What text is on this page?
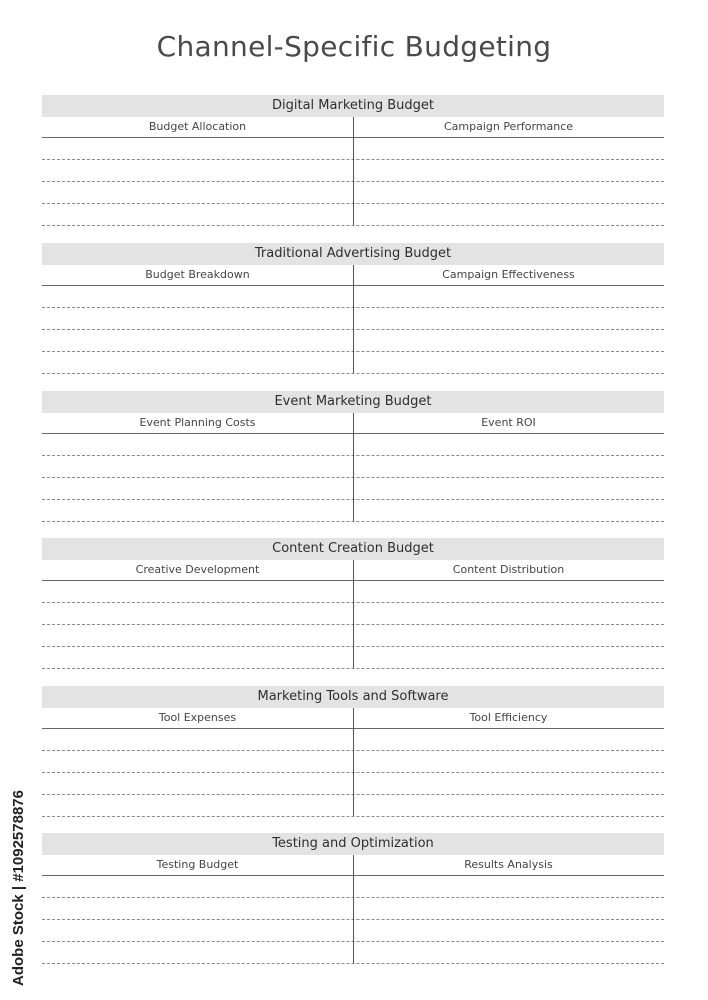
Channel-Specific Budgeting
Digital Marketing Budget
Budget Allocation	Campaign Performance
Traditional Advertising Budget
Budget Breakdown	Campaign Effectiveness
Event Marketing Budget
Event Planning Costs	Event ROI
Content Creation Budget
Creative Development	Content Distribution
Marketing Tools and Software
Tool Expenses	Tool Efficiency
Testing and Optimization
Testing Budget	Results Analysis
Adobe Stock | #1092578876
